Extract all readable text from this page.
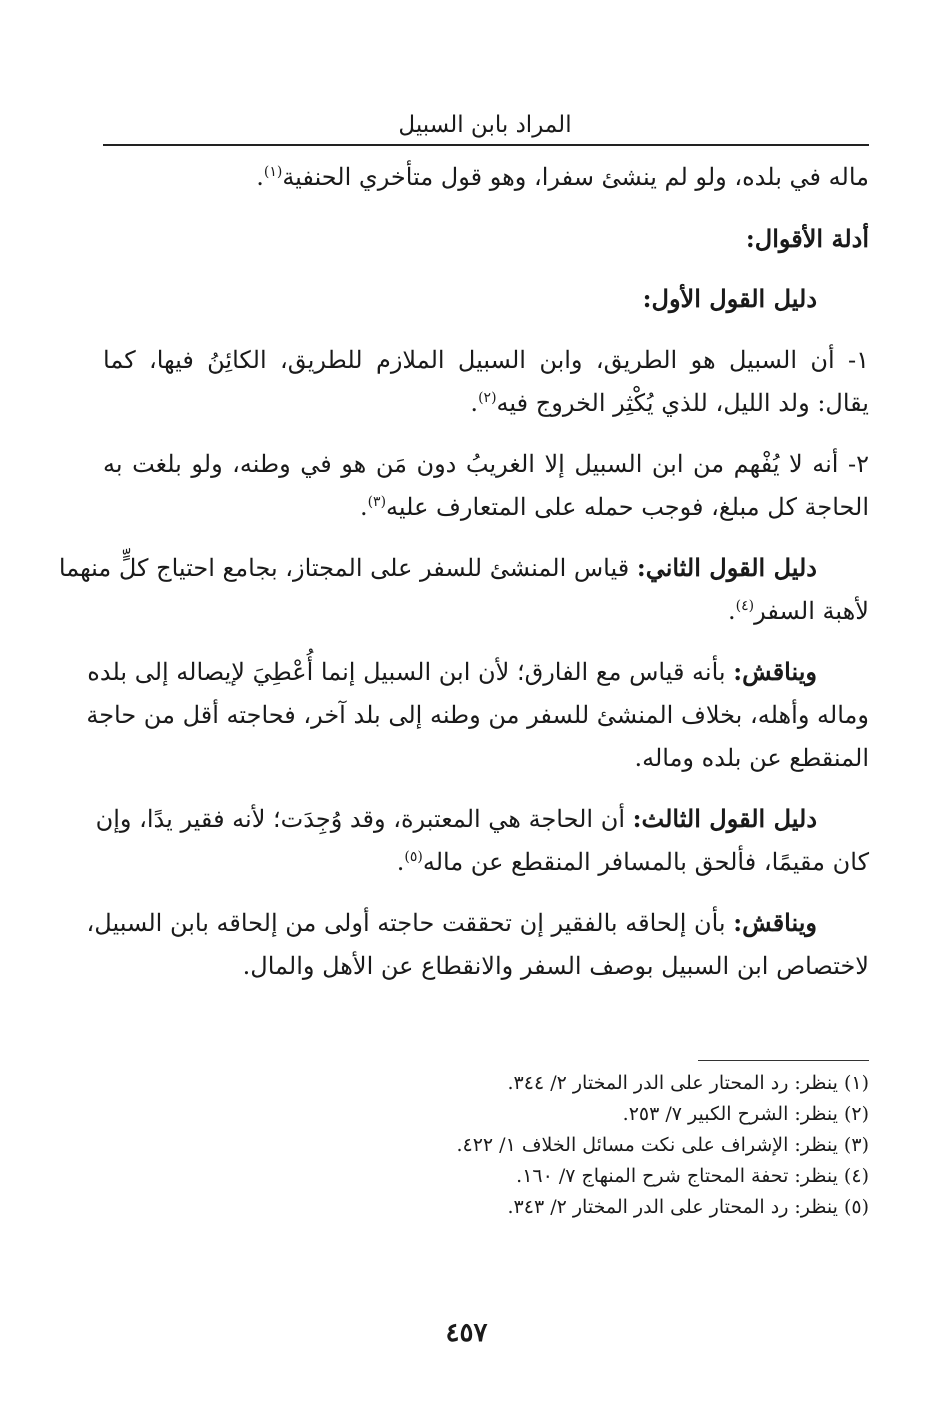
المراد بابن السبيل

ماله في بلده، ولو لم ينشئ سفرا، وهو قول متأخري الحنفية$^{(١)}$.

أدلة الأقوال:

دليل القول الأول:

١- أن السبيل هو الطريق، وابن السبيل الملازم للطريق، الكائِنُ فيها، كما

يقال: ولد الليل، للذي يُكْثِر الخروج فيه$^{(٢)}$.

٢- أنه لا يُفْهم من ابن السبيل إلا الغريبُ دون مَن هو في وطنه، ولو بلغت به

الحاجة كل مبلغ، فوجب حمله على المتعارف عليه$^{(٣)}$.

دليل القول الثاني: قياس المنشئ للسفر على المجتاز، بجامع احتياج كلٍّ منهما

لأهبة السفر$^{(٤)}$.

ويناقش: بأنه قياس مع الفارق؛ لأن ابن السبيل إنما أُعْطِيَ لإيصاله إلى بلده

وماله وأهله، بخلاف المنشئ للسفر من وطنه إلى بلد آخر، فحاجته أقل من حاجة

المنقطع عن بلده وماله.

دليل القول الثالث: أن الحاجة هي المعتبرة، وقد وُجِدَت؛ لأنه فقير يدًا، وإن

كان مقيمًا، فألحق بالمسافر المنقطع عن ماله$^{(٥)}$.

ويناقش: بأن إلحاقه بالفقير إن تحققت حاجته أولى من إلحاقه بابن السبيل،

لاختصاص ابن السبيل بوصف السفر والانقطاع عن الأهل والمال.

(١) ينظر: رد المحتار على الدر المختار ٢/ ٣٤٤.

(٢) ينظر: الشرح الكبير ٧/ ٢٥٣.

(٣) ينظر: الإشراف على نكت مسائل الخلاف ١/ ٤٢٢.

(٤) ينظر: تحفة المحتاج شرح المنهاج ٧/ ١٦٠.

(٥) ينظر: رد المحتار على الدر المختار ٢/ ٣٤٣.

٤٥٧
